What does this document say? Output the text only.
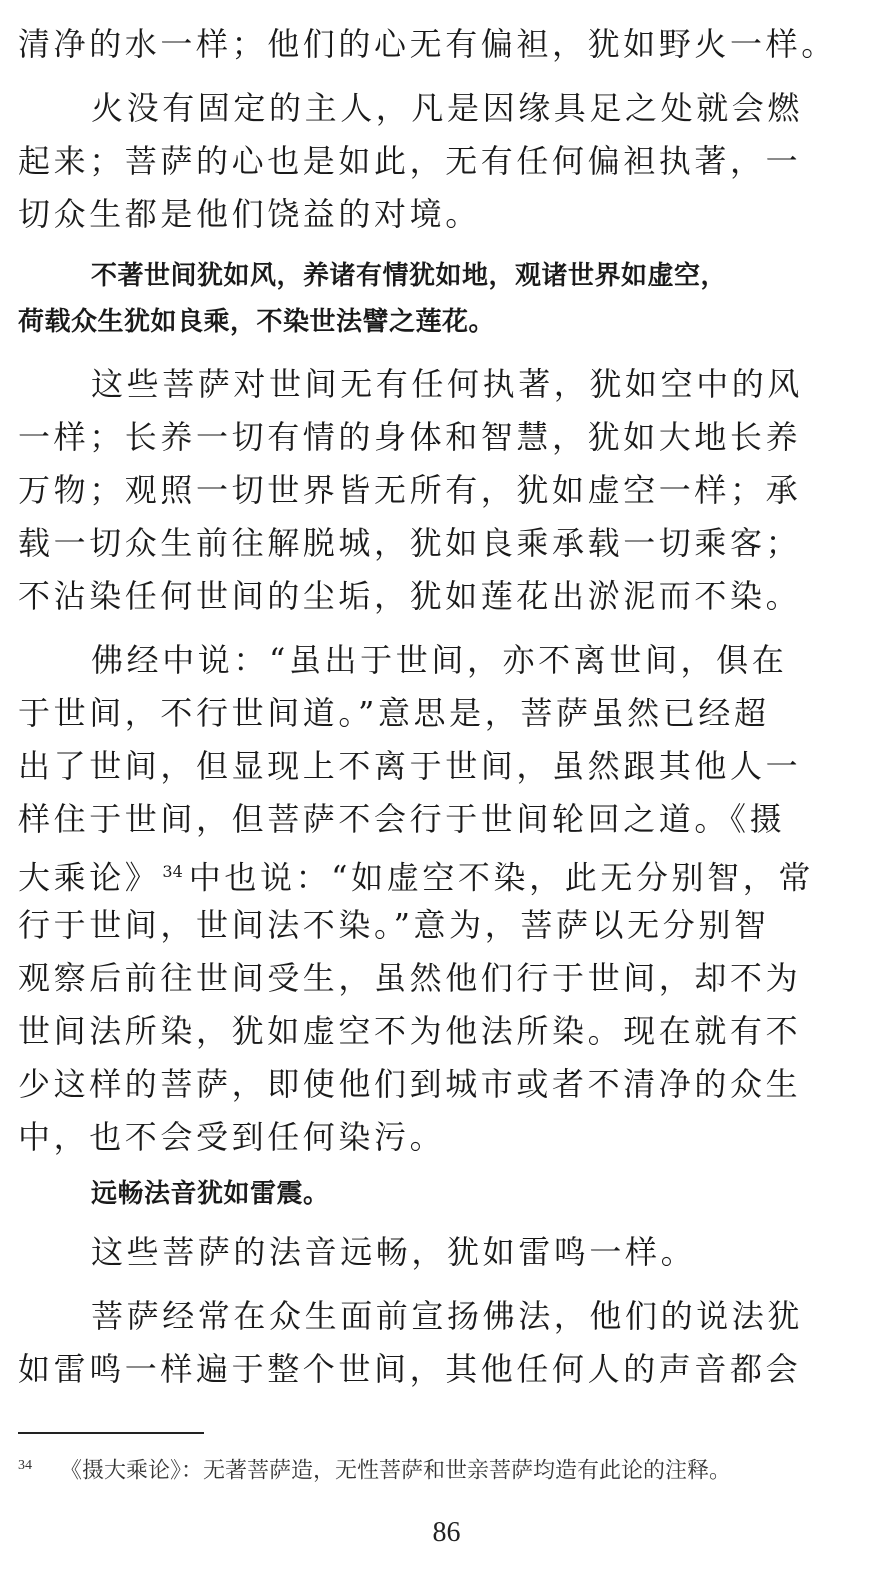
清净的水一样；他们的心无有偏袒，犹如野火一样。
火没有固定的主人，凡是因缘具足之处就会燃
起来；菩萨的心也是如此，无有任何偏袒执著，一
切众生都是他们饶益的对境。
不著世间犹如风，养诸有情犹如地，观诸世界如虚空，
荷载众生犹如良乘，不染世法譬之莲花。
这些菩萨对世间无有任何执著，犹如空中的风
一样；长养一切有情的身体和智慧，犹如大地长养
万物；观照一切世界皆无所有，犹如虚空一样；承
载一切众生前往解脱城，犹如良乘承载一切乘客；
不沾染任何世间的尘垢，犹如莲花出淤泥而不染。
佛经中说：“虽出于世间，亦不离世间，俱在
于世间，不行世间道。”意思是，菩萨虽然已经超
出了世间，但显现上不离于世间，虽然跟其他人一
样住于世间，但菩萨不会行于世间轮回之道。《摄
大乘论》 $^{34}$ 中也说：“如虚空不染，此无分别智，常
行于世间，世间法不染。”意为，菩萨以无分别智
观察后前往世间受生，虽然他们行于世间，却不为
世间法所染，犹如虚空不为他法所染。现在就有不
少这样的菩萨，即使他们到城市或者不清净的众生
中，也不会受到任何染污。
远畅法音犹如雷震。
这些菩萨的法音远畅，犹如雷鸣一样。
菩萨经常在众生面前宣扬佛法，他们的说法犹
如雷鸣一样遍于整个世间，其他任何人的声音都会
$^{34}$ 《摄大乘论》：无著菩萨造，无性菩萨和世亲菩萨均造有此论的注释。
86
